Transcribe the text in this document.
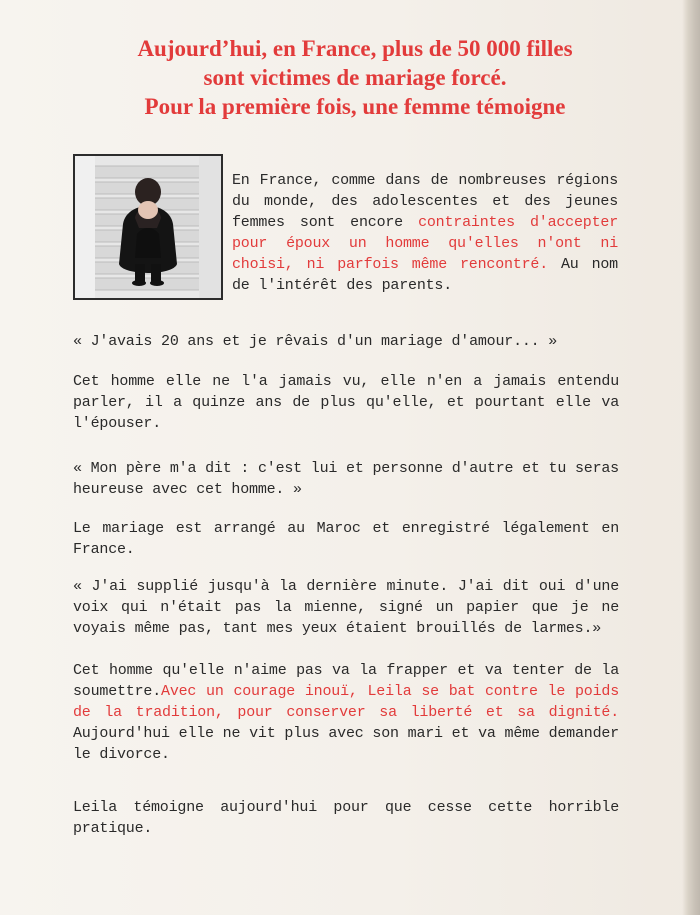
Aujourd’hui, en France, plus de 50 000 filles
sont victimes de mariage forcé.
Pour la première fois, une femme témoigne
En France, comme dans de nombreuses régions du monde, des adolescentes et des jeunes femmes sont encore contraintes d'accepter pour époux un homme qu'elles n'ont ni choisi, ni parfois même rencontré. Au nom de l'intérêt des parents.
« J'avais 20 ans et je rêvais d'un mariage d'amour... »
Cet homme elle ne l'a jamais vu, elle n'en a jamais entendu parler, il a quinze ans de plus qu'elle, et pourtant elle va l'épouser.
« Mon père m'a dit : c'est lui et personne d'autre et tu seras heureuse avec cet homme. »
Le mariage est arrangé au Maroc et enregistré légalement en France.
« J'ai supplié jusqu'à la dernière minute. J'ai dit oui d'une voix qui n'était pas la mienne, signé un papier que je ne voyais même pas, tant mes yeux étaient brouillés de larmes.»
Cet homme qu'elle n'aime pas va la frapper et va tenter de la soumettre.Avec un courage inouï, Leila se bat contre le poids de la tradition, pour conserver sa liberté et sa dignité. Aujourd'hui elle ne vit plus avec son mari et va même demander le divorce.
Leila témoigne aujourd'hui pour que cesse cette horrible pratique.
